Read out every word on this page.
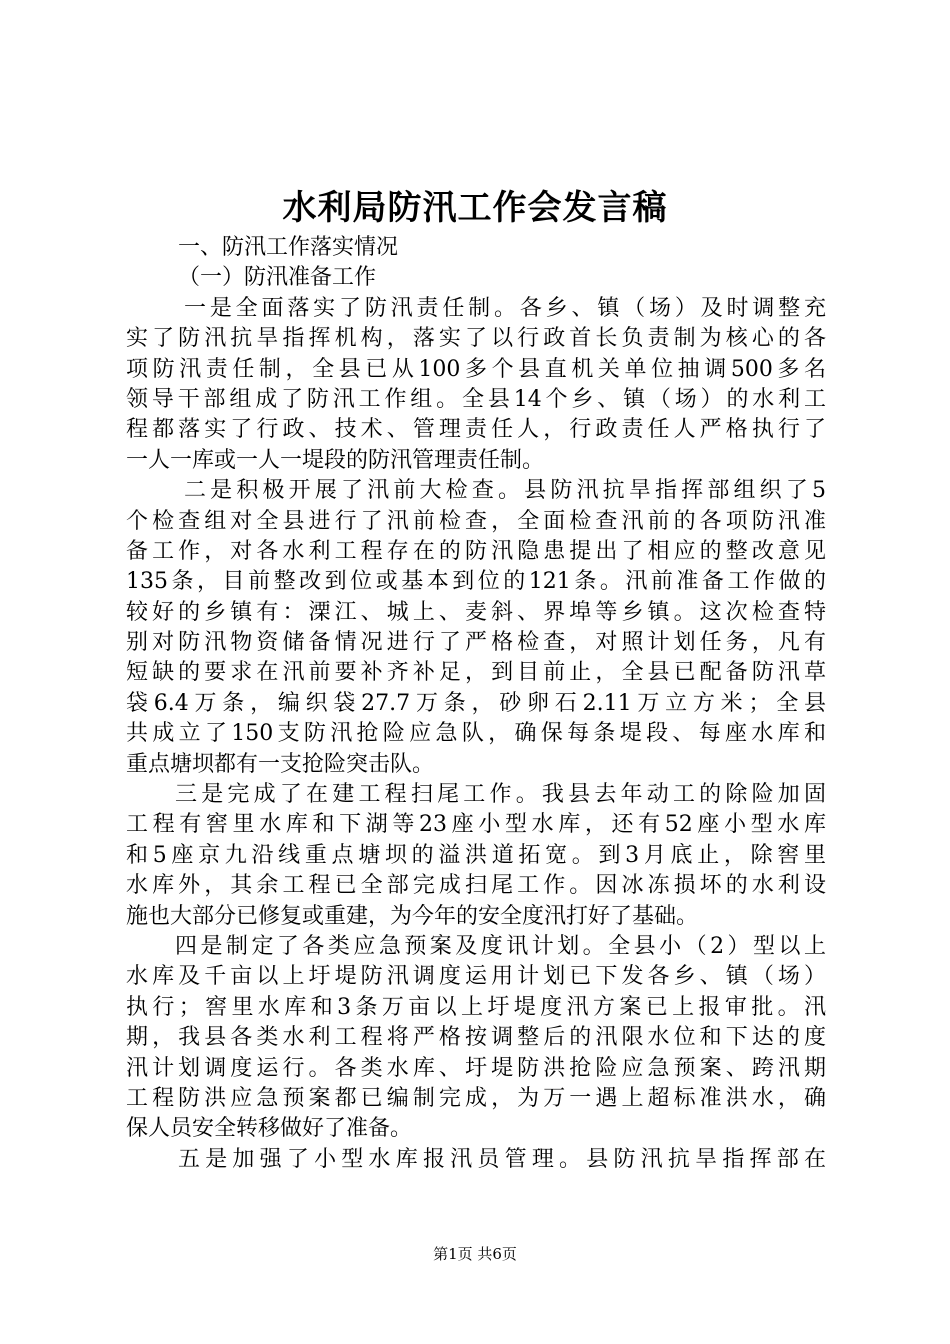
水利局防汛工作会发言稿
一、防汛工作落实情况
（一）防汛准备工作
一是全面落实了防汛责任制。各乡、镇（场）及时调整充
实了防汛抗旱指挥机构，落实了以行政首长负责制为核心的各
项防汛责任制，全县已从100多个县直机关单位抽调500多名
领导干部组成了防汛工作组。全县14个乡、镇（场）的水利工
程都落实了行政、技术、管理责任人，行政责任人严格执行了
一人一库或一人一堤段的防汛管理责任制。
二是积极开展了汛前大检查。县防汛抗旱指挥部组织了5
个检查组对全县进行了汛前检查，全面检查汛前的各项防汛准
备工作，对各水利工程存在的防汛隐患提出了相应的整改意见
135条，目前整改到位或基本到位的121条。汛前准备工作做的
较好的乡镇有：溧江、城上、麦斜、界埠等乡镇。这次检查特
别对防汛物资储备情况进行了严格检查，对照计划任务，凡有
短缺的要求在汛前要补齐补足，到目前止，全县已配备防汛草
袋6.4万条，编织袋27.7万条，砂卵石2.11万立方米；全县
共成立了150支防汛抢险应急队，确保每条堤段、每座水库和
重点塘坝都有一支抢险突击队。
三是完成了在建工程扫尾工作。我县去年动工的除险加固
工程有窖里水库和下湖等23座小型水库，还有52座小型水库
和5座京九沿线重点塘坝的溢洪道拓宽。到3月底止，除窖里
水库外，其余工程已全部完成扫尾工作。因冰冻损坏的水利设
施也大部分已修复或重建，为今年的安全度汛打好了基础。
四是制定了各类应急预案及度讯计划。全县小（2）型以上
水库及千亩以上圩堤防汛调度运用计划已下发各乡、镇（场）
执行；窖里水库和3条万亩以上圩堤度汛方案已上报审批。汛
期，我县各类水利工程将严格按调整后的汛限水位和下达的度
汛计划调度运行。各类水库、圩堤防洪抢险应急预案、跨汛期
工程防洪应急预案都已编制完成，为万一遇上超标准洪水，确
保人员安全转移做好了准备。
五是加强了小型水库报汛员管理。县防汛抗旱指挥部在
第1页 共6页
